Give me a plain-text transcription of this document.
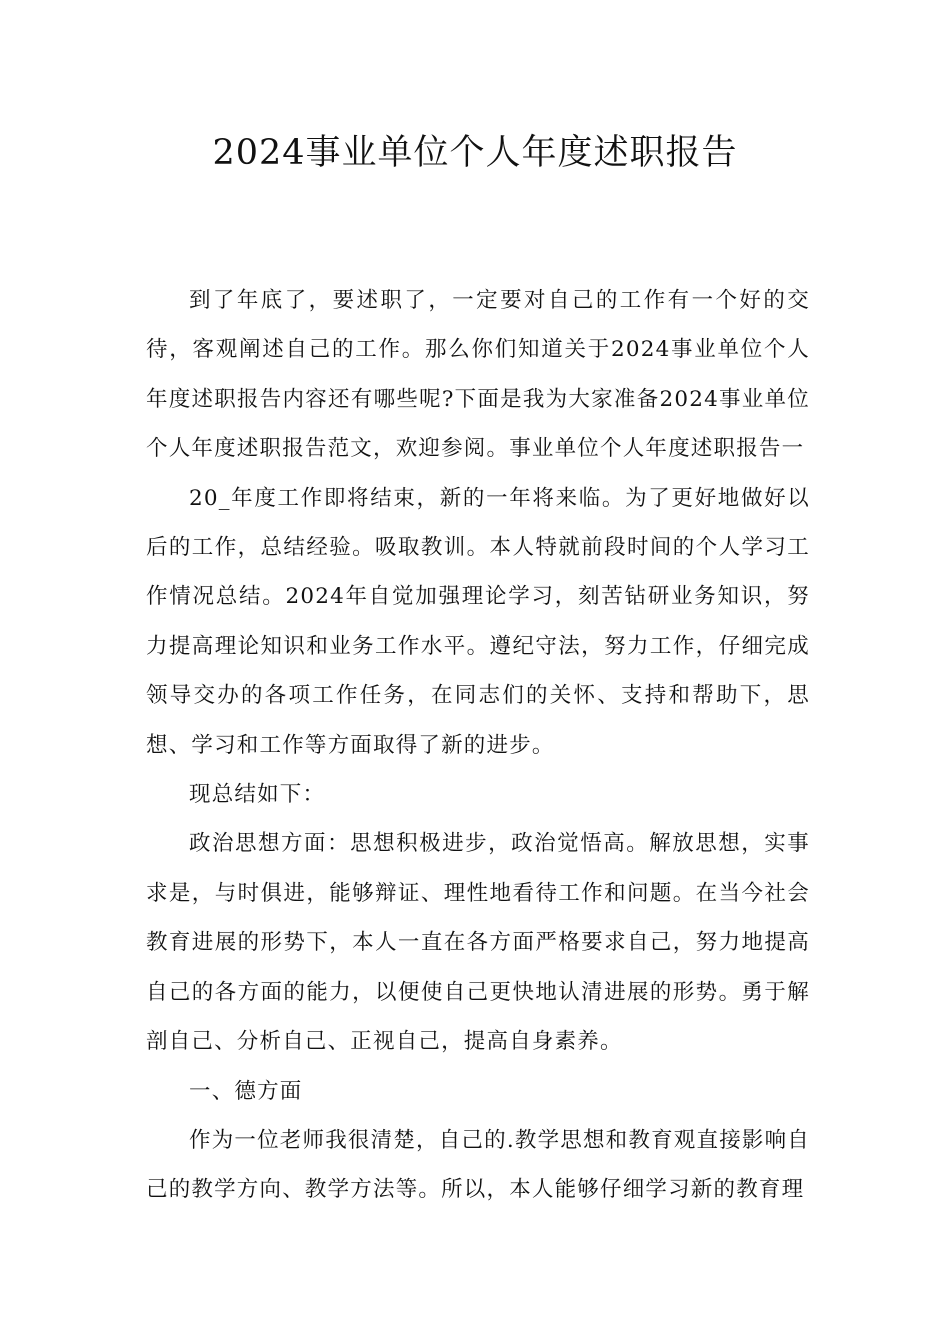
2024事业单位个人年度述职报告

到了年底了，要述职了，一定要对自己的工作有一个好的交待，客观阐述自己的工作。那么你们知道关于2024事业单位个人年度述职报告内容还有哪些呢?下面是我为大家准备2024事业单位个人年度述职报告范文，欢迎参阅。事业单位个人年度述职报告一

20_年度工作即将结束，新的一年将来临。为了更好地做好以后的工作，总结经验。吸取教训。本人特就前段时间的个人学习工作情况总结。2024年自觉加强理论学习，刻苦钻研业务知识，努力提高理论知识和业务工作水平。遵纪守法，努力工作，仔细完成领导交办的各项工作任务，在同志们的关怀、支持和帮助下，思想、学习和工作等方面取得了新的进步。

现总结如下：

政治思想方面：思想积极进步，政治觉悟高。解放思想，实事求是，与时俱进，能够辩证、理性地看待工作和问题。在当今社会教育进展的形势下，本人一直在各方面严格要求自己，努力地提高自己的各方面的能力，以便使自己更快地认清进展的形势。勇于解剖自己、分析自己、正视自己，提高自身素养。

一、德方面

作为一位老师我很清楚，自己的.教学思想和教育观直接影响自己的教学方向、教学方法等。所以，本人能够仔细学习新的教育理
